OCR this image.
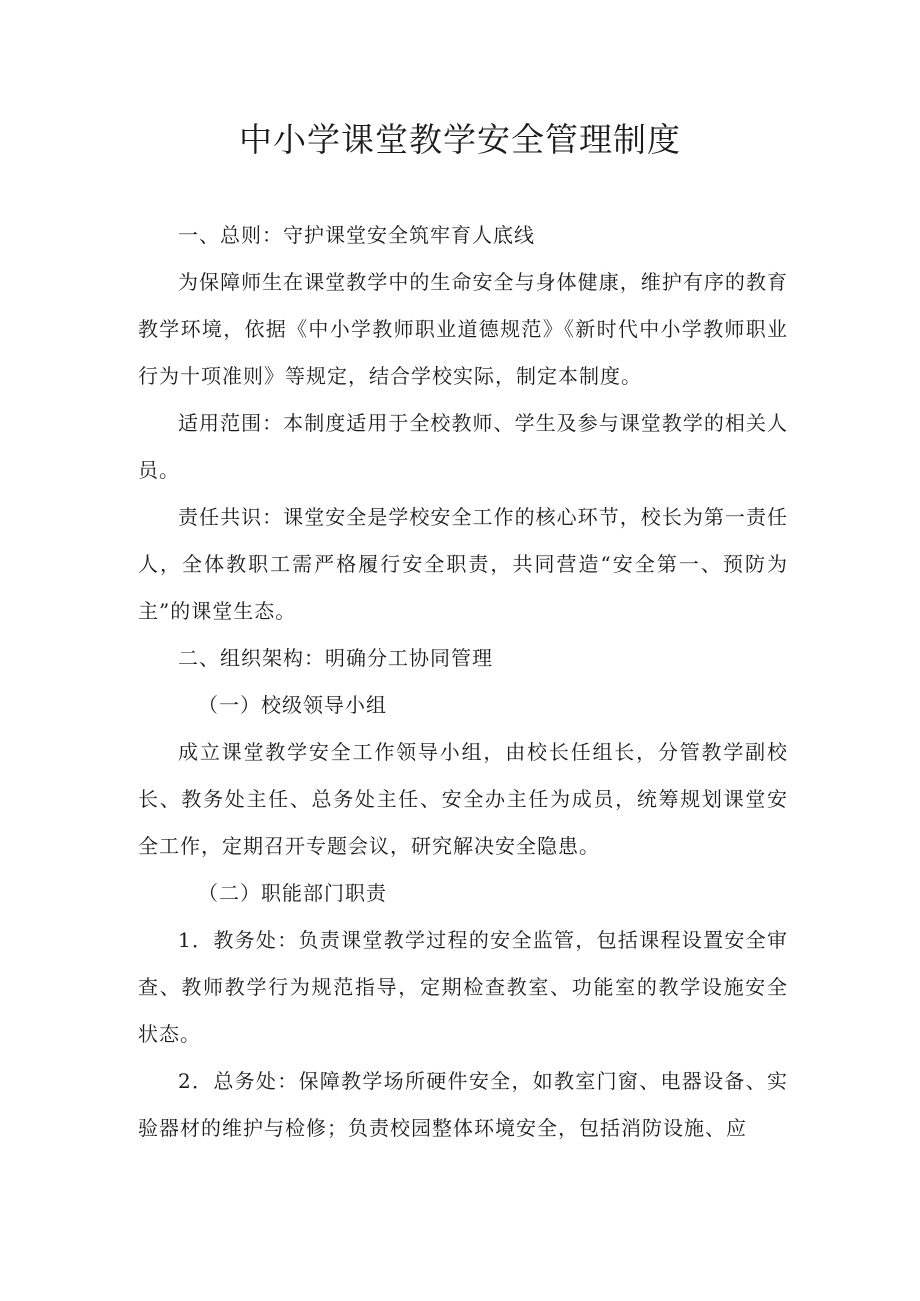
中小学课堂教学安全管理制度

一、总则：守护课堂安全筑牢育人底线

为保障师生在课堂教学中的生命安全与身体健康，维护有序的教育教学环境，依据《中小学教师职业道德规范》《新时代中小学教师职业行为十项准则》等规定，结合学校实际，制定本制度。

适用范围：本制度适用于全校教师、学生及参与课堂教学的相关人员。

责任共识：课堂安全是学校安全工作的核心环节，校长为第一责任人，全体教职工需严格履行安全职责，共同营造“安全第一、预防为主”的课堂生态。

二、组织架构：明确分工协同管理

（一）校级领导小组

成立课堂教学安全工作领导小组，由校长任组长，分管教学副校长、教务处主任、总务处主任、安全办主任为成员，统筹规划课堂安全工作，定期召开专题会议，研究解决安全隐患。

（二）职能部门职责

1．教务处：负责课堂教学过程的安全监管，包括课程设置安全审查、教师教学行为规范指导，定期检查教室、功能室的教学设施安全状态。

2．总务处：保障教学场所硬件安全，如教室门窗、电器设备、实验器材的维护与检修；负责校园整体环境安全，包括消防设施、应
